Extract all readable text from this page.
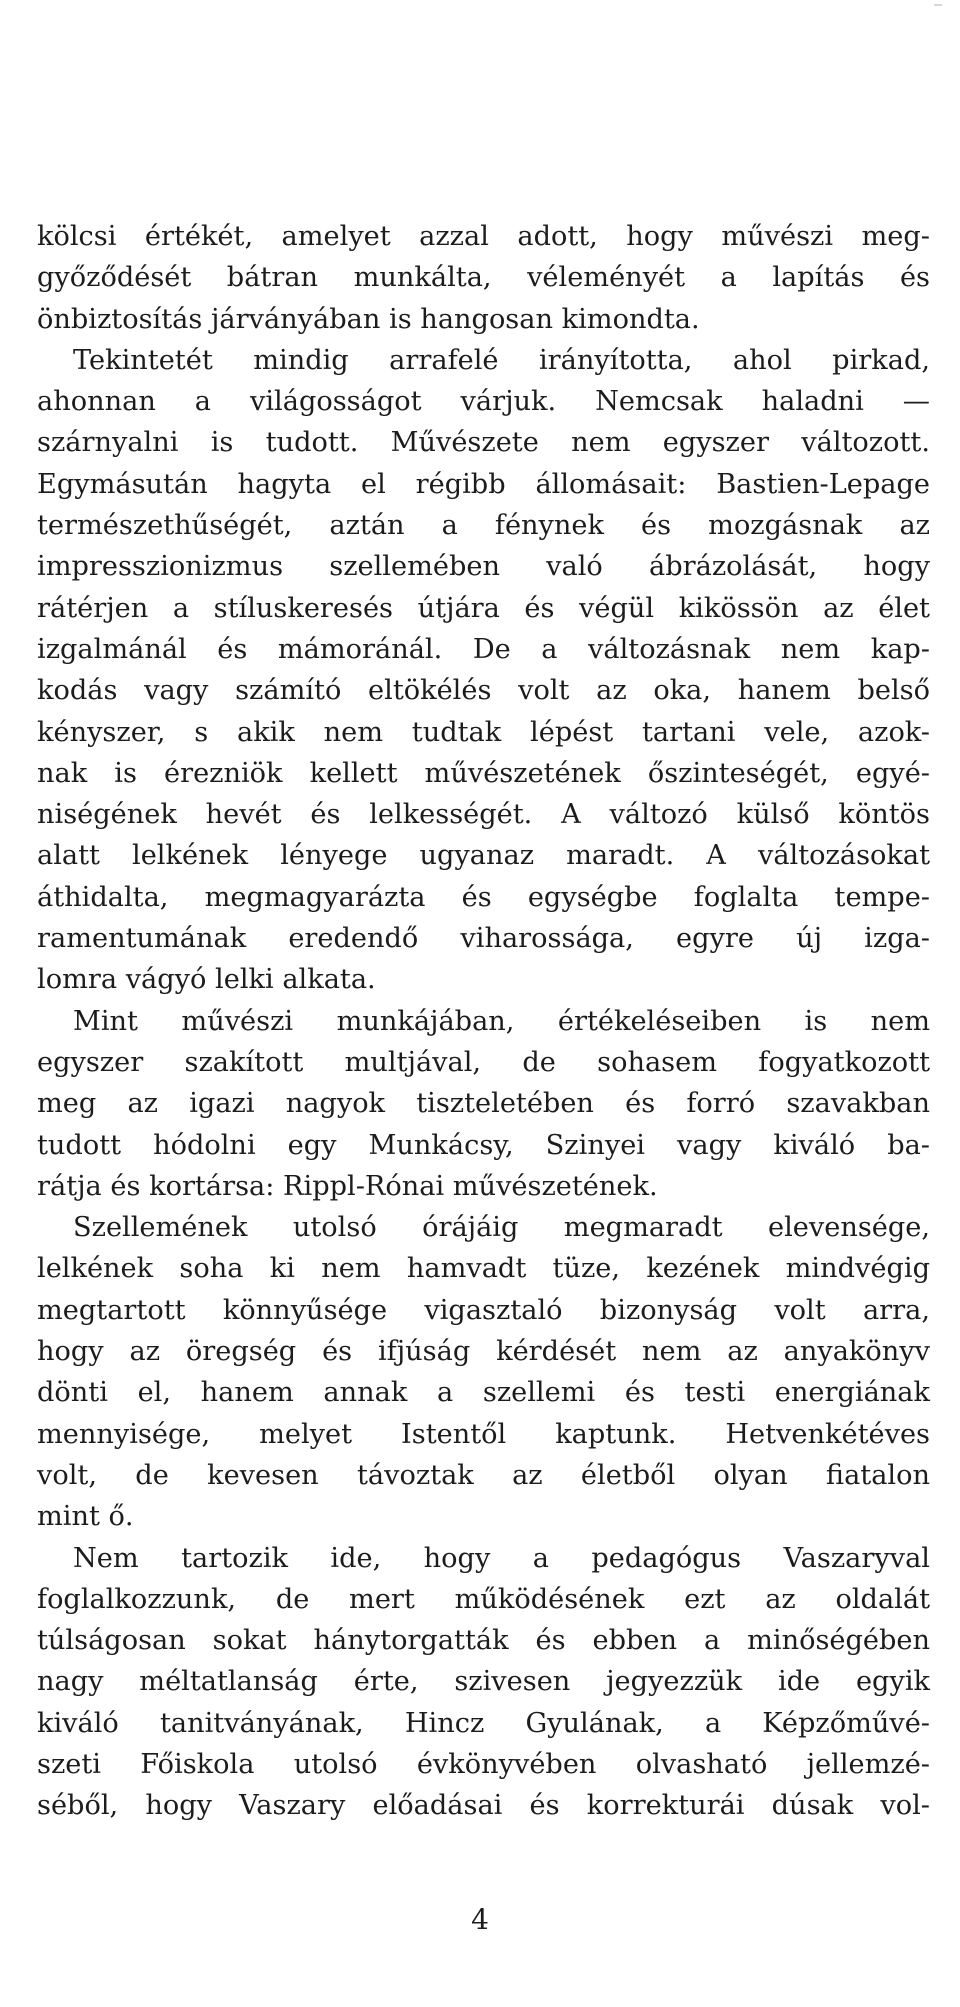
kölcsi értékét, amelyet azzal adott, hogy művészi meg-
győződését bátran munkálta, véleményét a lapítás és
önbiztosítás járványában is hangosan kimondta.

Tekintetét mindig arrafelé irányította, ahol pirkad,
ahonnan a világosságot várjuk. Nemcsak haladni —
szárnyalni is tudott. Művészete nem egyszer változott.
Egymásután hagyta el régibb állomásait: Bastien-Lepage
természethűségét, aztán a fénynek és mozgásnak az
impresszionizmus szellemében való ábrázolását, hogy
rátérjen a stíluskeresés útjára és végül kikössön az élet
izgalmánál és mámoránál. De a változásnak nem kap-
kodás vagy számító eltökélés volt az oka, hanem belső
kényszer, s akik nem tudtak lépést tartani vele, azok-
nak is érezniök kellett művészetének őszinteségét, egyé-
niségének hevét és lelkességét. A változó külső köntös
alatt lelkének lényege ugyanaz maradt. A változásokat
áthidalta, megmagyarázta és egységbe foglalta tempe-
ramentumának eredendő viharossága, egyre új izga-
lomra vágyó lelki alkata.

Mint művészi munkájában, értékeléseiben is nem
egyszer szakított multjával, de sohasem fogyatkozott
meg az igazi nagyok tiszteletében és forró szavakban
tudott hódolni egy Munkácsy, Szinyei vagy kiváló ba-
rátja és kortársa: Rippl-Rónai művészetének.

Szellemének utolsó órájáig megmaradt elevensége,
lelkének soha ki nem hamvadt tüze, kezének mindvégig
megtartott könnyűsége vigasztaló bizonyság volt arra,
hogy az öregség és ifjúság kérdését nem az anyakönyv
dönti el, hanem annak a szellemi és testi energiának
mennyisége, melyet Istentől kaptunk. Hetvenkétéves
volt, de kevesen távoztak az életből olyan fiatalon
mint ő.

Nem tartozik ide, hogy a pedagógus Vaszaryval
foglalkozzunk, de mert működésének ezt az oldalát
túlságosan sokat hánytorgatták és ebben a minőségében
nagy méltatlanság érte, szivesen jegyezzük ide egyik
kiváló tanitványának, Hincz Gyulának, a Képzőművé-
szeti Főiskola utolsó évkönyvében olvasható jellemzé-
séből, hogy Vaszary előadásai és korrekturái dúsak vol-

4
